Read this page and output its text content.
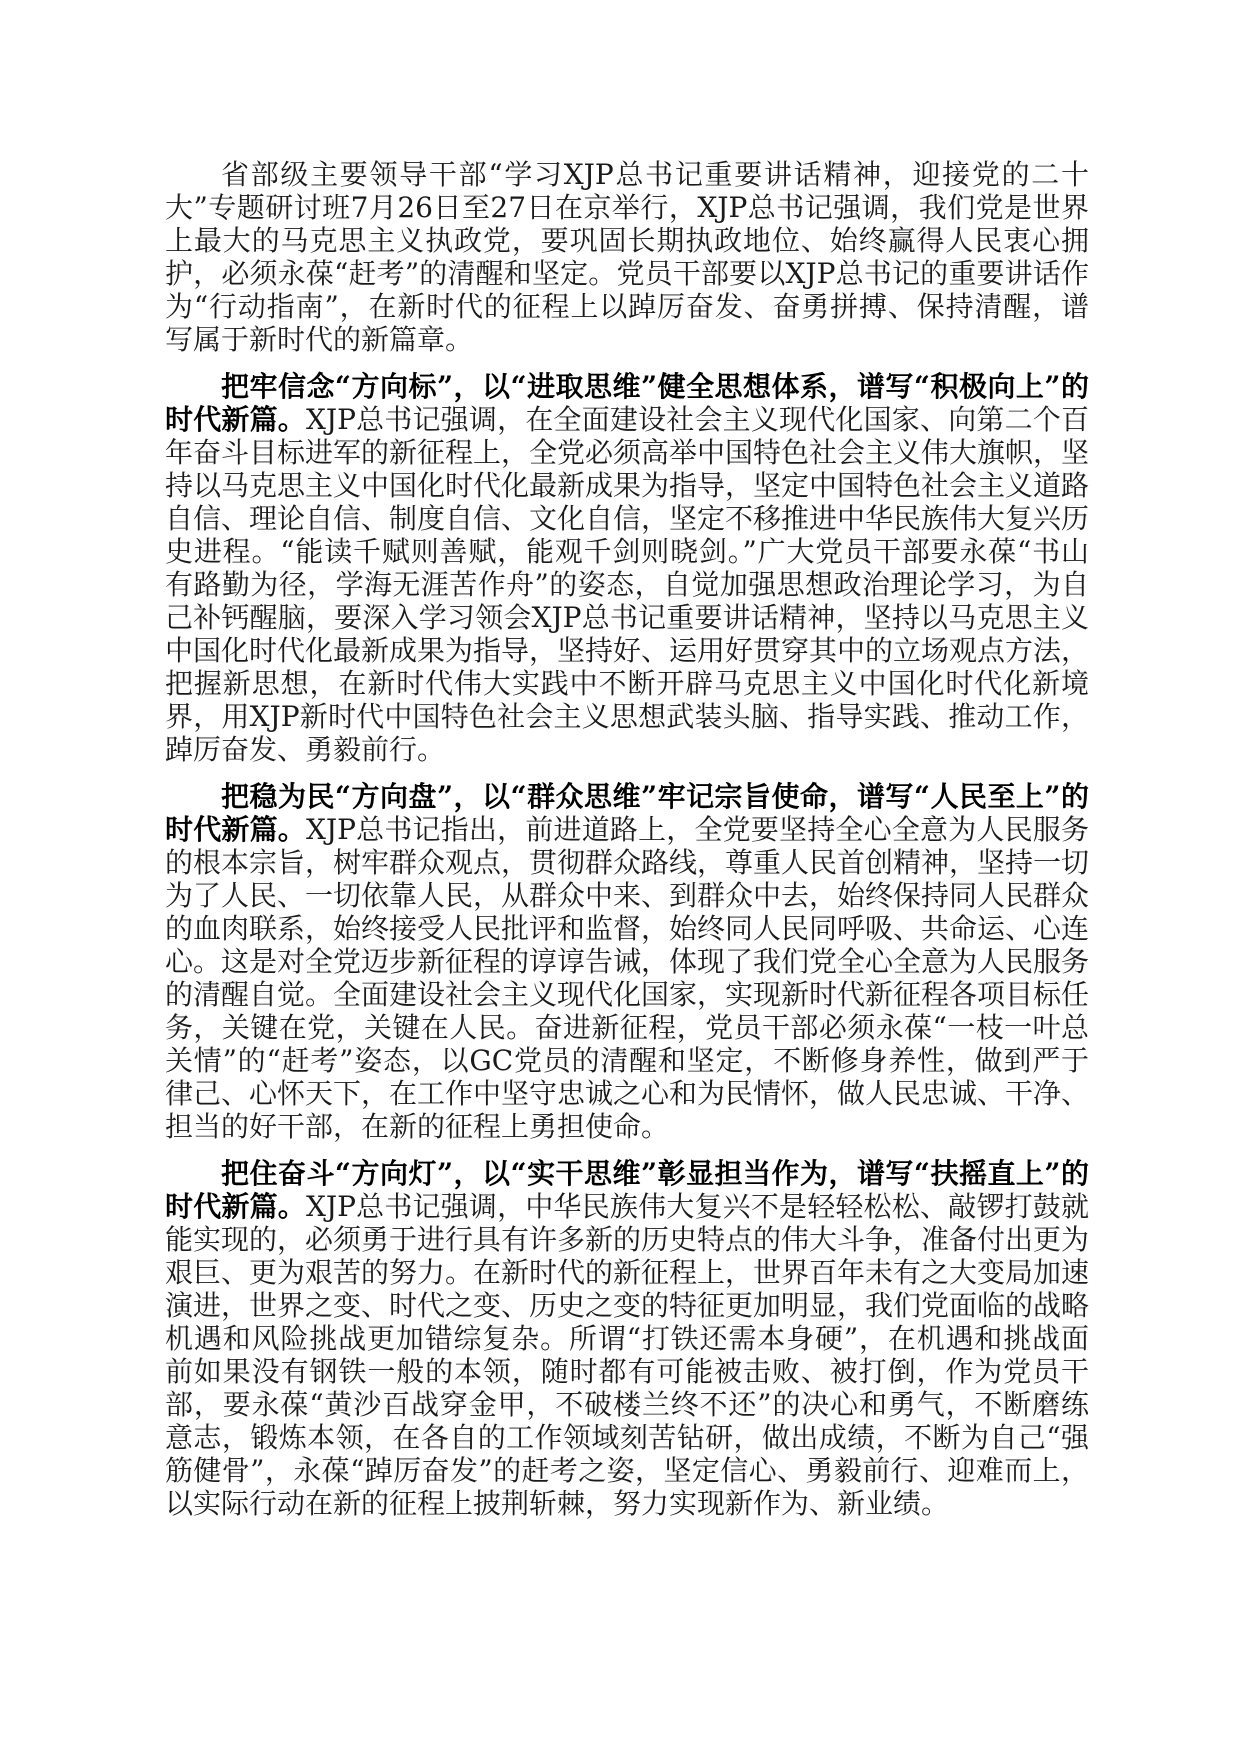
省部级主要领导干部“学习XJP总书记重要讲话精神，迎接党的二十大”专题研讨班7月26日至27日在京举行，XJP总书记强调，我们党是世界上最大的马克思主义执政党，要巩固长期执政地位、始终赢得人民衷心拥护，必须永葆“赶考”的清醒和坚定。党员干部要以XJP总书记的重要讲话作为“行动指南”，在新时代的征程上以踔厉奋发、奋勇拼搏、保持清醒，谱写属于新时代的新篇章。

把牢信念“方向标”，以“进取思维”健全思想体系，谱写“积极向上”的时代新篇。XJP总书记强调，在全面建设社会主义现代化国家、向第二个百年奋斗目标进军的新征程上，全党必须高举中国特色社会主义伟大旗帜，坚持以马克思主义中国化时代化最新成果为指导，坚定中国特色社会主义道路自信、理论自信、制度自信、文化自信，坚定不移推进中华民族伟大复兴历史进程。“能读千赋则善赋，能观千剑则晓剑。”广大党员干部要永葆“书山有路勤为径，学海无涯苦作舟”的姿态，自觉加强思想政治理论学习，为自己补钙醒脑，要深入学习领会XJP总书记重要讲话精神，坚持以马克思主义中国化时代化最新成果为指导，坚持好、运用好贯穿其中的立场观点方法，把握新思想，在新时代伟大实践中不断开辟马克思主义中国化时代化新境界，用XJP新时代中国特色社会主义思想武装头脑、指导实践、推动工作，踔厉奋发、勇毅前行。

把稳为民“方向盘”，以“群众思维”牢记宗旨使命，谱写“人民至上”的时代新篇。XJP总书记指出，前进道路上，全党要坚持全心全意为人民服务的根本宗旨，树牢群众观点，贯彻群众路线，尊重人民首创精神，坚持一切为了人民、一切依靠人民，从群众中来、到群众中去，始终保持同人民群众的血肉联系，始终接受人民批评和监督，始终同人民同呼吸、共命运、心连心。这是对全党迈步新征程的谆谆告诫，体现了我们党全心全意为人民服务的清醒自觉。全面建设社会主义现代化国家，实现新时代新征程各项目标任务，关键在党，关键在人民。奋进新征程，党员干部必须永葆“一枝一叶总关情”的“赶考”姿态，以GC党员的清醒和坚定，不断修身养性，做到严于律己、心怀天下，在工作中坚守忠诚之心和为民情怀，做人民忠诚、干净、担当的好干部，在新的征程上勇担使命。

把住奋斗“方向灯”，以“实干思维”彰显担当作为，谱写“扶摇直上”的时代新篇。XJP总书记强调，中华民族伟大复兴不是轻轻松松、敲锣打鼓就能实现的，必须勇于进行具有许多新的历史特点的伟大斗争，准备付出更为艰巨、更为艰苦的努力。在新时代的新征程上，世界百年未有之大变局加速演进，世界之变、时代之变、历史之变的特征更加明显，我们党面临的战略机遇和风险挑战更加错综复杂。所谓“打铁还需本身硬”，在机遇和挑战面前如果没有钢铁一般的本领，随时都有可能被击败、被打倒，作为党员干部，要永葆“黄沙百战穿金甲，不破楼兰终不还”的决心和勇气，不断磨练意志，锻炼本领，在各自的工作领域刻苦钻研，做出成绩，不断为自己“强筋健骨”，永葆“踔厉奋发”的赶考之姿，坚定信心、勇毅前行、迎难而上，以实际行动在新的征程上披荆斩棘，努力实现新作为、新业绩。
